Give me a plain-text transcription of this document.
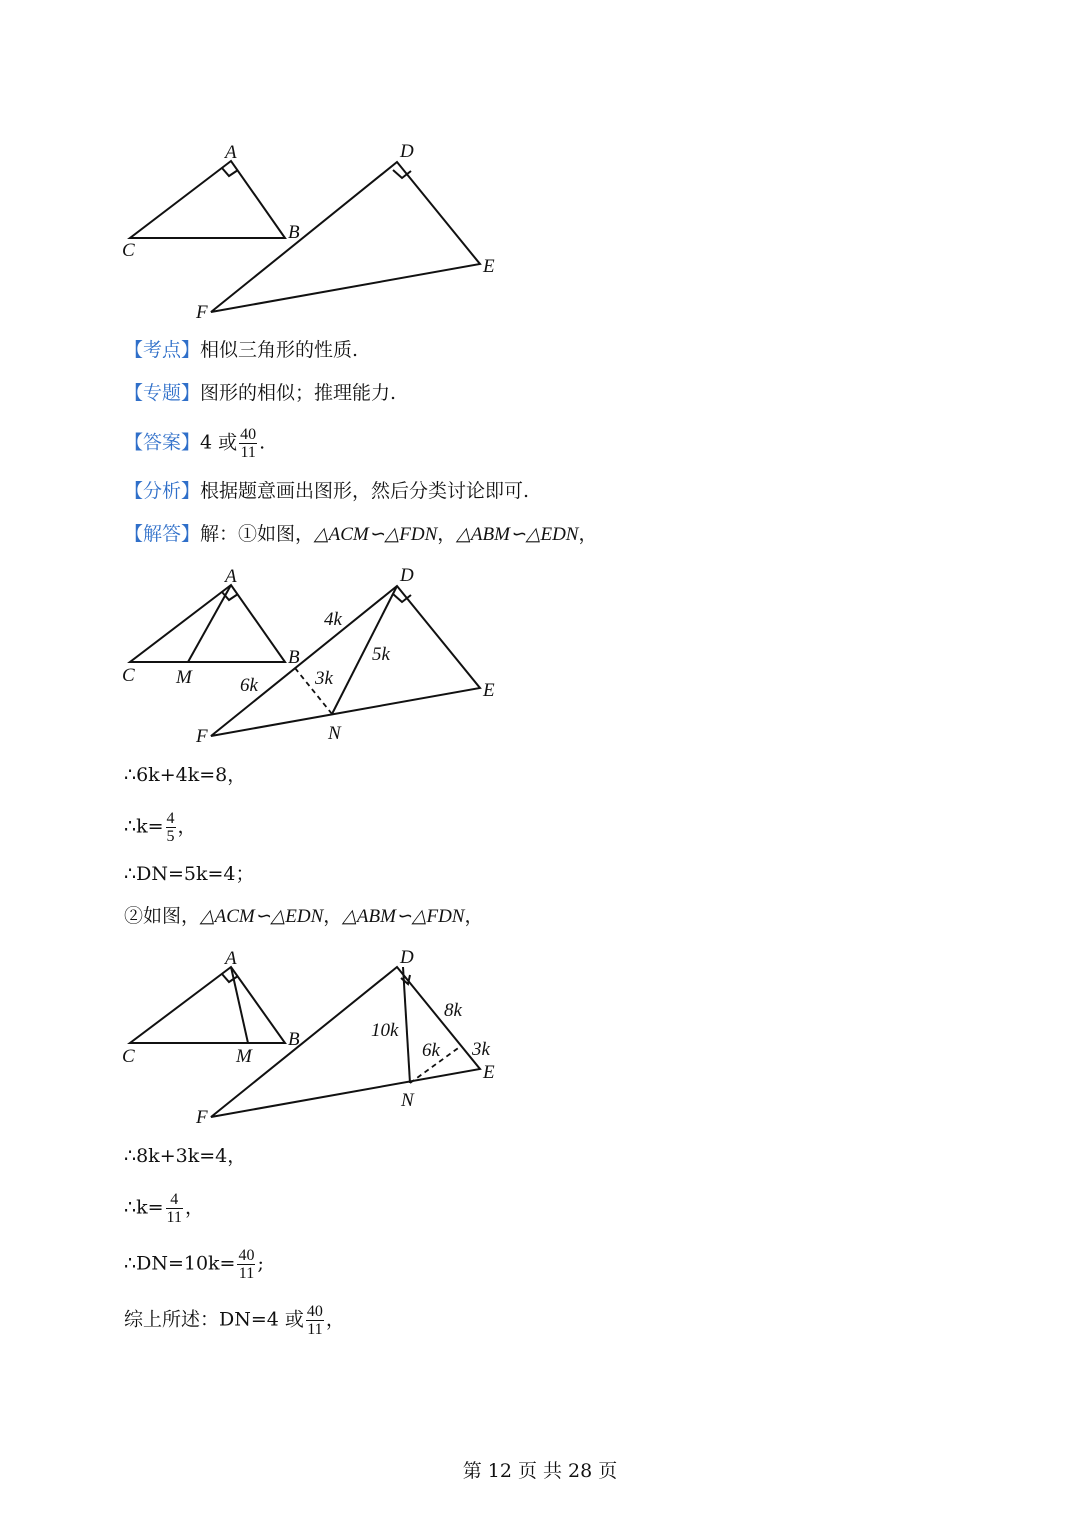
A
B
C
D
E
F
【考点】相似三角形的性质.
【专题】图形的相似；推理能力.
【答案】4 或 $\frac{40}{11}$ .
【分析】根据题意画出图形，然后分类讨论即可.
【解答】解：①如图，△ACM∽△FDN，△ABM∽△EDN，
A
B
C M
D
E
F	N
4k
5k
6k	3k
∴6k+4k=8，
∴k= $\frac{4}{5}$ ，
∴DN=5k=4；
②如图，△ACM∽△EDN，△ABM∽△FDN，
A
B
C	M
D
E
F
N
8k
10k
6k 3k
∴8k+3k=4，
∴k= $\frac{4}{11}$ ，
∴DN=10k= $\frac{40}{11}$ ;
综上所述：DN=4 或 $\frac{40}{11}$ ，
第 12 页 共 28 页
